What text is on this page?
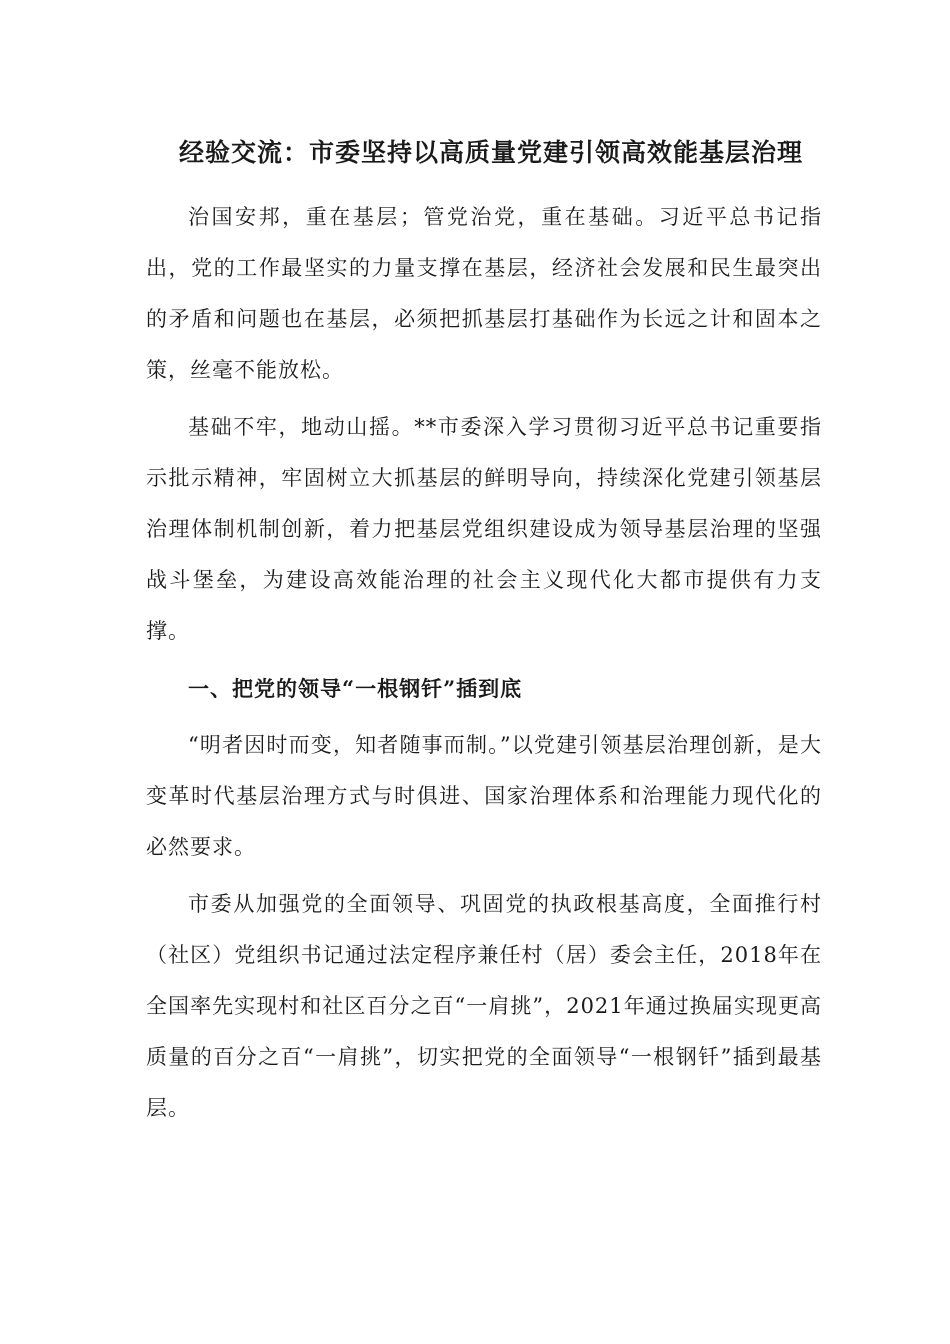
经验交流：市委坚持以高质量党建引领高效能基层治理

治国安邦，重在基层；管党治党，重在基础。习近平总书记指出，党的工作最坚实的力量支撑在基层，经济社会发展和民生最突出的矛盾和问题也在基层，必须把抓基层打基础作为长远之计和固本之策，丝毫不能放松。

基础不牢，地动山摇。**市委深入学习贯彻习近平总书记重要指示批示精神，牢固树立大抓基层的鲜明导向，持续深化党建引领基层治理体制机制创新，着力把基层党组织建设成为领导基层治理的坚强战斗堡垒，为建设高效能治理的社会主义现代化大都市提供有力支撑。

一、把党的领导“一根钢钎”插到底

“明者因时而变，知者随事而制。”以党建引领基层治理创新，是大变革时代基层治理方式与时俱进、国家治理体系和治理能力现代化的必然要求。

市委从加强党的全面领导、巩固党的执政根基高度，全面推行村（社区）党组织书记通过法定程序兼任村（居）委会主任，2018年在全国率先实现村和社区百分之百“一肩挑”，2021年通过换届实现更高质量的百分之百“一肩挑”，切实把党的全面领导“一根钢钎”插到最基层。
